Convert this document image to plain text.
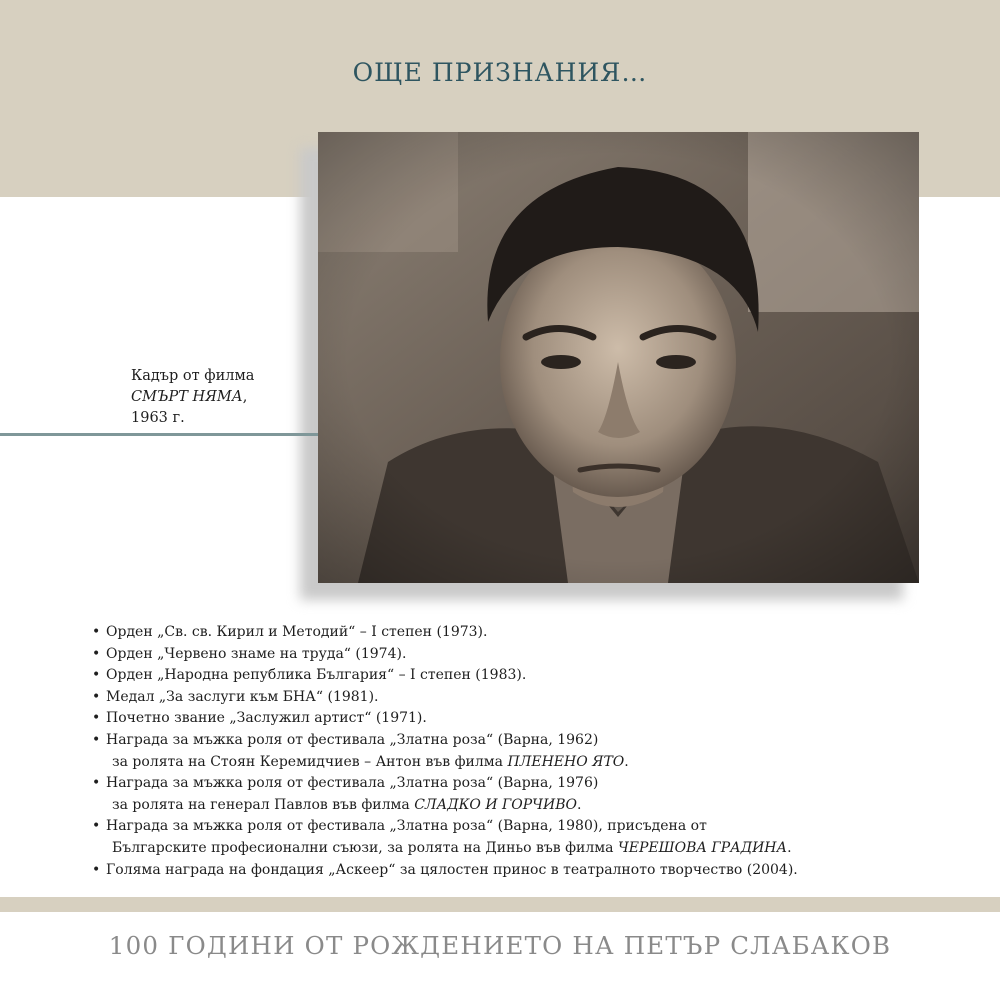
ОЩЕ ПРИЗНАНИЯ…
Кадър от филма
СМЪРТ НЯМА,
1963 г.
• Орден „Св. св. Кирил и Методий“ – I степен (1973).
• Орден „Червено знаме на труда“ (1974).
• Орден „Народна република България“ – I степен (1983).
• Медал „За заслуги към БНА“ (1981).
• Почетно звание „Заслужил артист“ (1971).
• Награда за мъжка роля от фестивала „Златна роза“ (Варна, 1962)
за ролята на Стоян Керемидчиев – Антон във филма ПЛЕНЕНО ЯТО.
• Награда за мъжка роля от фестивала „Златна роза“ (Варна, 1976)
за ролята на генерал Павлов във филма СЛАДКО И ГОРЧИВО.
• Награда за мъжка роля от фестивала „Златна роза“ (Варна, 1980), присъдена от
Българските професионални съюзи, за ролята на Диньо във филма ЧЕРЕШОВА ГРАДИНА.
• Голяма награда на фондация „Аскеер“ за цялостен принос в театралното творчество (2004).
100 ГОДИНИ ОТ РОЖДЕНИЕТО НА ПЕТЪР СЛАБАКОВ
